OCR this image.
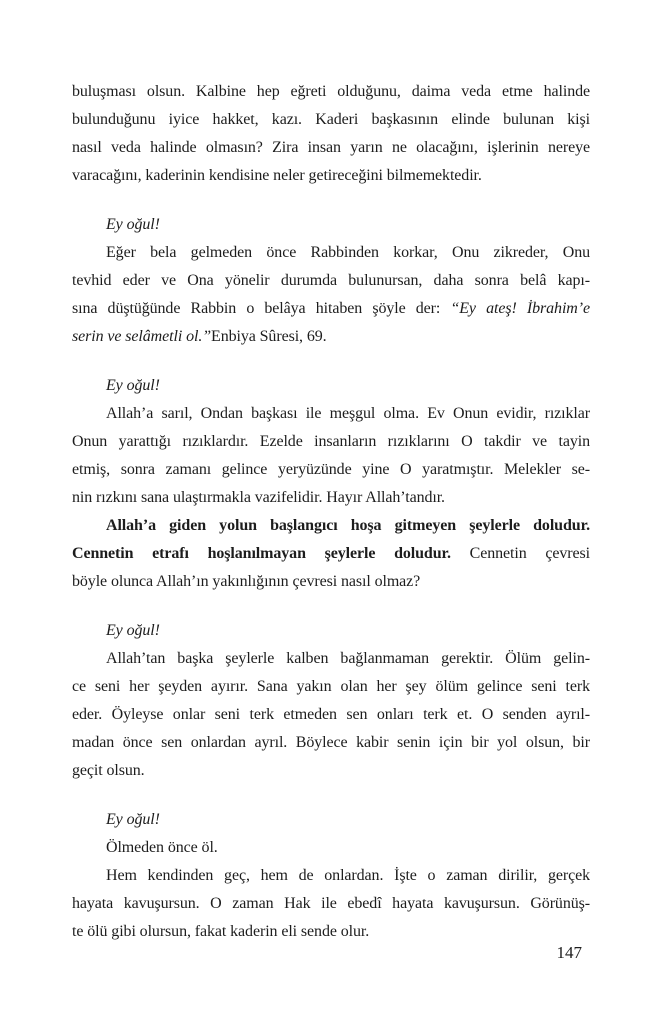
buluşması olsun. Kalbine hep eğreti olduğunu, daima veda etme halinde
bulunduğunu iyice hakket, kazı. Kaderi başkasının elinde bulunan kişi
nasıl veda halinde olmasın? Zira insan yarın ne olacağını, işlerinin nereye
varacağını, kaderinin kendisine neler getireceğini bilmemektedir.
Ey oğul!
Eğer bela gelmeden önce Rabbinden korkar, Onu zikreder, Onu
tevhid eder ve Ona yönelir durumda bulunursan, daha sonra belâ kapı-
sına düştüğünde Rabbin o belâya hitaben şöyle der: “Ey ateş! İbrahim’e
serin ve selâmetli ol.”Enbiya Sûresi, 69.
Ey oğul!
Allah’a sarıl, Ondan başkası ile meşgul olma. Ev Onun evidir, rızıklar
Onun yarattığı rızıklardır. Ezelde insanların rızıklarını O takdir ve tayin
etmiş, sonra zamanı gelince yeryüzünde yine O yaratmıştır. Melekler se-
nin rızkını sana ulaştırmakla vazifelidir. Hayır Allah’tandır.
Allah’a giden yolun başlangıcı hoşa gitmeyen şeylerle doludur.
Cennetin etrafı hoşlanılmayan şeylerle doludur. Cennetin çevresi
böyle olunca Allah’ın yakınlığının çevresi nasıl olmaz?
Ey oğul!
Allah’tan başka şeylerle kalben bağlanmaman gerektir. Ölüm gelin-
ce seni her şeyden ayırır. Sana yakın olan her şey ölüm gelince seni terk
eder. Öyleyse onlar seni terk etmeden sen onları terk et. O senden ayrıl-
madan önce sen onlardan ayrıl. Böylece kabir senin için bir yol olsun, bir
geçit olsun.
Ey oğul!
Ölmeden önce öl.
Hem kendinden geç, hem de onlardan. İşte o zaman dirilir, gerçek
hayata kavuşursun. O zaman Hak ile ebedî hayata kavuşursun. Görünüş-
te ölü gibi olursun, fakat kaderin eli sende olur.
147
